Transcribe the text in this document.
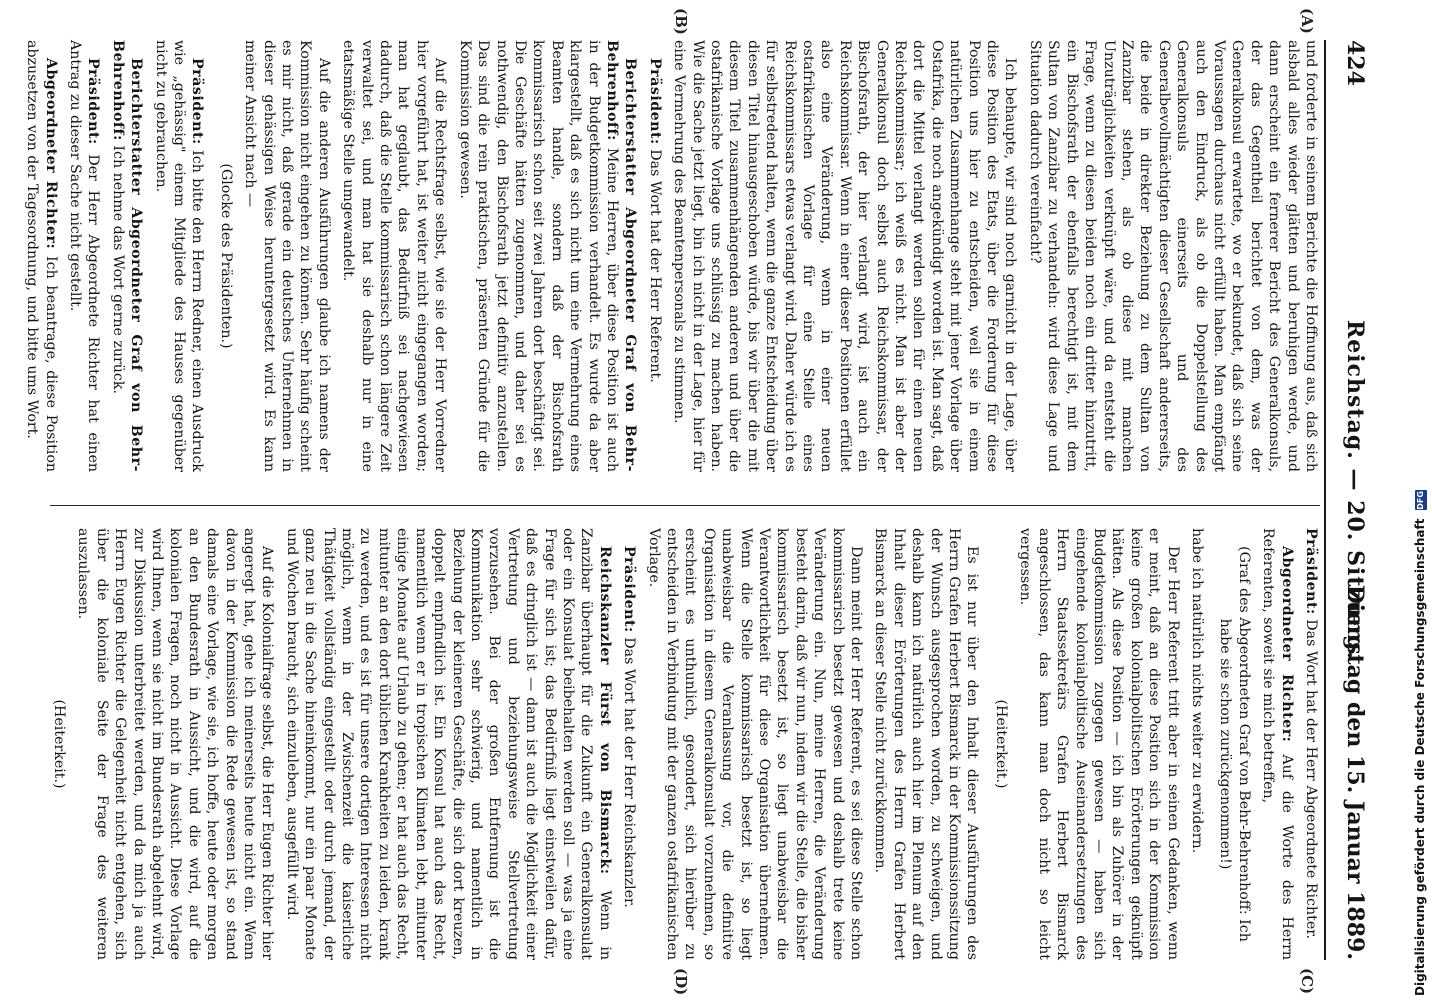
424
Reichstag. — 20. Sitzung.
Dienstag den 15. Januar 1889.
(A)
(B)
(C)
(D)

und forderte in seinem Berichte die Hoffnung aus, daß sich alsbald alles wieder glätten und beruhigen werde, und dann erscheint ein fernerer Bericht des Generalkonsuls, der das Gegentheil berichtet von dem, was der Generalkonsul erwartete, wo er bekundet, daß sich seine Voraussagen durchaus nicht erfüllt haben. Man empfängt auch den Eindruck, als ob die Doppelstellung des Generalkonsuls einerseits und des Generalbevollmächtigten dieser Gesellschaft andererseits, die beide in direkter Beziehung zu dem Sultan von Zanzibar stehen, als ob diese mit manchen Unzuträglichkeiten verknüpft wäre, und da entsteht die Frage, wenn zu diesen beiden noch ein dritter hinzutritt, ein Bischofsrath der ebenfalls berechtigt ist, mit dem Sultan von Zanzibar zu verhandeln: wird diese Lage und Situation dadurch vereinfacht?

Ich behaupte, wir sind noch garnicht in der Lage, über diese Position des Etats, über die Forderung für diese Position uns hier zu entscheiden, weil sie in einem natürlichen Zusammenhange steht mit jener Vorlage über Ostafrika, die noch angekündigt worden ist. Man sagt, daß dort die Mittel verlangt werden sollen für einen neuen Reichskommissar; ich weiß es nicht. Man ist aber der Generalkonsul doch selbst auch Reichskommissar, der Bischofsrath, der hier verlangt wird, ist auch ein Reichskommissar. Wenn in einer dieser Positionen erfüllet also eine Veränderung, wenn in einer neuen ostafrikanischen Vorlage für eine Stelle eines Reichskommissars etwas verlangt wird. Daher würde ich es für selbstredend halten, wenn die ganze Entscheidung über diesen Titel hinausgeschoben würde, bis wir über die mit diesem Titel zusammenhängenden anderen und über die ostafrikanische Vorlage uns schlüssig zu machen haben. Wie die Sache jetzt liegt, bin ich nicht in der Lage, hier für eine Vermehrung des Beamtenpersonals zu stimmen.

Präsident: Das Wort hat der Herr Referent.

Berichterstatter Abgeordneter Graf von Behr-Behrenhoff: Meine Herren, über diese Position ist auch in der Budgetkommission verhandelt. Es wurde da aber klargestellt, daß es sich nicht um eine Vermehrung eines Beamten handle, sondern daß der Bischofsrath kommissarisch schon seit zwei Jahren dort beschäftigt sei. Die Geschäfte hätten zugenommen, und daher sei es nothwendig, den Bischofsrath jetzt definitiv anzustellen. Das sind die rein praktischen, präsenten Gründe für die Kommission gewesen.

Auf die Rechtsfrage selbst, wie sie der Herr Vorredner hier vorgeführt hat, ist weiter nicht eingegangen worden; man hat geglaubt, das Bedürfniß sei nachgewiesen dadurch, daß die Stelle kommissarisch schon längere Zeit verwaltet sei, und man hat sie deshalb nur in eine etatsmäßige Stelle umgewandelt.

Auf die anderen Ausführungen glaube ich namens der Kommission nicht eingehen zu können. Sehr häufig scheint es mir nicht, daß gerade ein deutsches Unternehmen in dieser gehässigen Weise heruntergesetzt wird. Es kann meiner Ansicht nach —

(Glocke des Präsidenten.)

Präsident: Ich bitte den Herrn Redner, einen Ausdruck wie „gehässig" einem Mitgliede des Hauses gegenüber nicht zu gebrauchen.

Berichterstatter Abgeordneter Graf von Behr-Behrenhoff: Ich nehme das Wort gerne zurück.

Präsident: Der Herr Abgeordnete Richter hat einen Antrag zu dieser Sache nicht gestellt.

Abgeordneter Richter: Ich beantrage, diese Position abzusetzen von der Tagesordnung, und bitte ums Wort.

Präsident: Das Wort hat der Herr Abgeordnete Richter.

Abgeordneter Richter: Auf die Worte des Herrn Referenten, soweit sie mich betreffen,

(Graf des Abgeordneten Graf von Behr-Behrenhoff: Ich habe sie schon zurückgenommen!)

habe ich natürlich nichts weiter zu erwidern.

Der Herr Referent tritt aber in seinen Gedanken, wenn er meint, daß an diese Position sich in der Kommission keine großen kolonialpolitischen Erörterungen geknüpft hätten. Als diese Position — ich bin als Zuhörer in der Budgetkommission zugegen gewesen — haben sich eingehende kolonialpolitische Auseinandersetzungen des Herrn Staatssekretärs Grafen Herbert Bismarck angeschlossen, das kann man doch nicht so leicht vergessen.

(Heiterkeit.)

Es ist nur über den Inhalt dieser Ausführungen des Herrn Grafen Herbert Bismarck in der Kommissionssitzung der Wunsch ausgesprochen worden, zu schweigen, und deshalb kann ich natürlich auch hier im Plenum auf den Inhalt dieser Erörterungen des Herrn Grafen Herbert Bismarck an dieser Stelle nicht zurückkommen.

Dann meint der Herr Referent, es sei diese Stelle schon kommissarisch besetzt gewesen und deshalb trete keine Veränderung ein. Nun, meine Herren, die Veränderung besteht darin, daß wir nun, indem wir die Stelle, die bisher kommissarisch besetzt ist, so liegt unabweisbar die Verantwortlichkeit für diese Organisation übernehmen. Wenn die Stelle kommissarisch besetzt ist, so liegt unabweisbar die Veranlassung vor, die definitive Organisation in diesem Generalkonsulat vorzunehmen, so erscheint es unthunlich, gesondert, sich hierüber zu entscheiden in Verbindung mit der ganzen ostafrikanischen Vorlage.

Präsident: Das Wort hat der Herr Reichskanzler.

Reichskanzler Fürst von Bismarck: Wenn in Zanzibar überhaupt für die Zukunft ein Generalkonsulat oder ein Konsulat beibehalten werden soll — was ja eine Frage für sich ist; das Bedürfniß liegt einstweilen dafür, daß es dringlich ist — dann ist auch die Möglichkeit einer Vertretung und beziehungsweise Stellvertretung vorzusehen. Bei der großen Entfernung ist die Kommunikation sehr schwierig, und namentlich in Beziehung der kleineren Geschäfte, die sich dort kreuzen, doppelt empfindlich ist. Ein Konsul hat auch das Recht, namentlich wenn er in tropischen Klimaten lebt, mitunter einige Monate auf Urlaub zu gehen; er hat auch das Recht, mitunter an den dort üblichen Krankheiten zu leiden, krank zu werden, und es ist für unsere dortigen Interessen nicht möglich, wenn in der Zwischenzeit die kaiserliche Thätigkeit vollständig eingestellt oder durch jemand, der ganz neu in die Sache hineinkommt, nur ein paar Monate und Wochen braucht, sich einzuleben, ausgefüllt wird.

Auf die Kolonialfrage selbst, die Herr Eugen Richter hier angeregt hat, gehe ich meinerseits heute nicht ein. Wenn davon in der Kommission die Rede gewesen ist, so stand damals eine Vorlage, wie sie, ich hoffe, heute oder morgen an den Bundesrath in Aussicht, und die wird, auf die kolonialen Fragen, noch nicht in Aussicht. Diese Vorlage wird Ihnen, wenn sie nicht im Bundesrath abgelehnt wird, zur Diskussion unterbreitet werden, und da mich ja auch Herrn Eugen Richter die Gelegenheit nicht entgehen, sich über die koloniale Seite der Frage des weiteren auszulassen.

(Heiterkeit.)	Digitalisierung gefördert durch die Deutsche Forschungsgemeinschaft DFG
